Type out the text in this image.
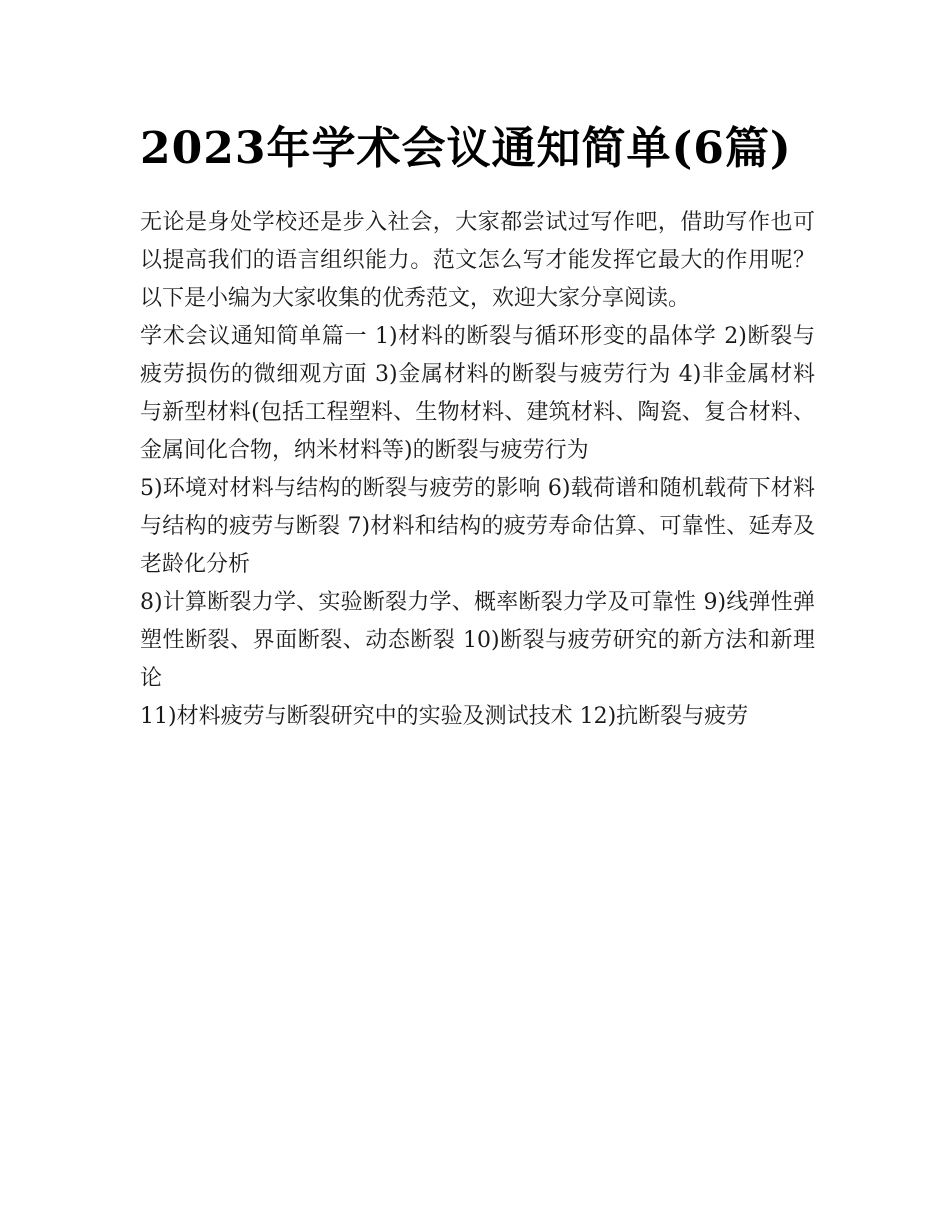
2023年学术会议通知简单(6篇)

无论是身处学校还是步入社会，大家都尝试过写作吧，借助写作也可以提高我们的语言组织能力。范文怎么写才能发挥它最大的作用呢？以下是小编为大家收集的优秀范文，欢迎大家分享阅读。

学术会议通知简单篇一 1)材料的断裂与循环形变的晶体学 2)断裂与疲劳损伤的微细观方面 3)金属材料的断裂与疲劳行为 4)非金属材料与新型材料(包括工程塑料、生物材料、建筑材料、陶瓷、复合材料、金属间化合物，纳米材料等)的断裂与疲劳行为

5)环境对材料与结构的断裂与疲劳的影响 6)载荷谱和随机载荷下材料与结构的疲劳与断裂 7)材料和结构的疲劳寿命估算、可靠性、延寿及老龄化分析

8)计算断裂力学、实验断裂力学、概率断裂力学及可靠性 9)线弹性弹塑性断裂、界面断裂、动态断裂 10)断裂与疲劳研究的新方法和新理论

11)材料疲劳与断裂研究中的实验及测试技术 12)抗断裂与疲劳
